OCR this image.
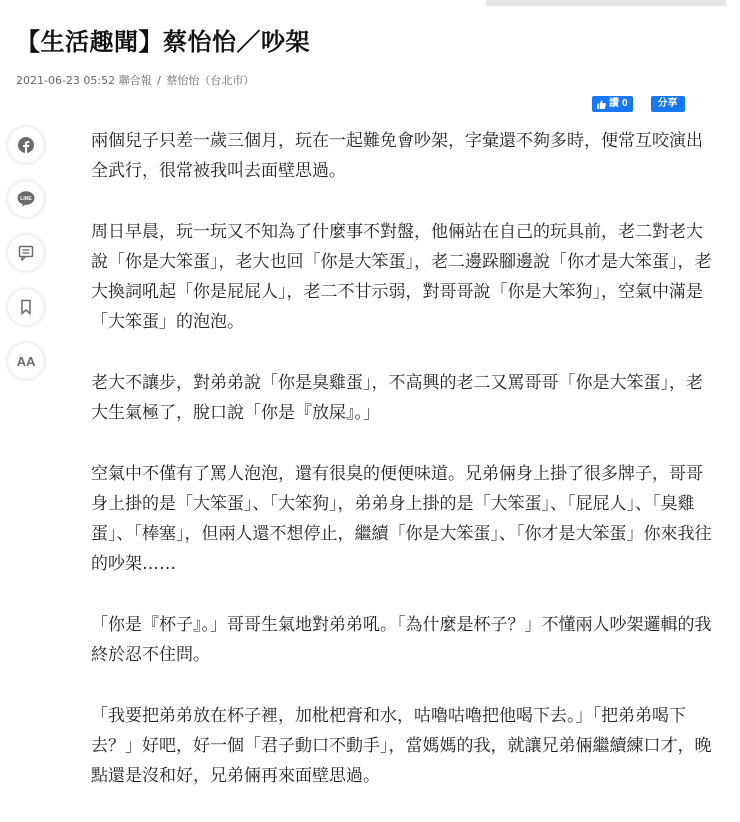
【生活趣聞】蔡怡怡／吵架
2021-06-23 05:52 聯合報 / 蔡怡怡（台北市）
讚 0	分享
LINE
AA

兩個兒子只差一歲三個月，玩在一起難免會吵架，字彙還不夠多時，便常互咬演出全武行，很常被我叫去面壁思過。

周日早晨，玩一玩又不知為了什麼事不對盤，他倆站在自己的玩具前，老二對老大說「你是大笨蛋」，老大也回「你是大笨蛋」，老二邊跺腳邊說「你才是大笨蛋」，老大換詞吼起「你是屁屁人」，老二不甘示弱，對哥哥說「你是大笨狗」，空氣中滿是「大笨蛋」的泡泡。

老大不讓步，對弟弟說「你是臭雞蛋」，不高興的老二又罵哥哥「你是大笨蛋」，老大生氣極了，脫口說「你是『放屎』。」

空氣中不僅有了罵人泡泡，還有很臭的便便味道。兄弟倆身上掛了很多牌子，哥哥身上掛的是「大笨蛋」、「大笨狗」，弟弟身上掛的是「大笨蛋」、「屁屁人」、「臭雞蛋」、「棒塞」，但兩人還不想停止，繼續「你是大笨蛋」、「你才是大笨蛋」你來我往的吵架……

「你是『杯子』。」哥哥生氣地對弟弟吼。「為什麼是杯子？」不懂兩人吵架邏輯的我終於忍不住問。

「我要把弟弟放在杯子裡，加枇杷膏和水，咕嚕咕嚕把他喝下去。」「把弟弟喝下去？」好吧，好一個「君子動口不動手」，當媽媽的我，就讓兄弟倆繼續練口才，晚點還是沒和好，兄弟倆再來面壁思過。
